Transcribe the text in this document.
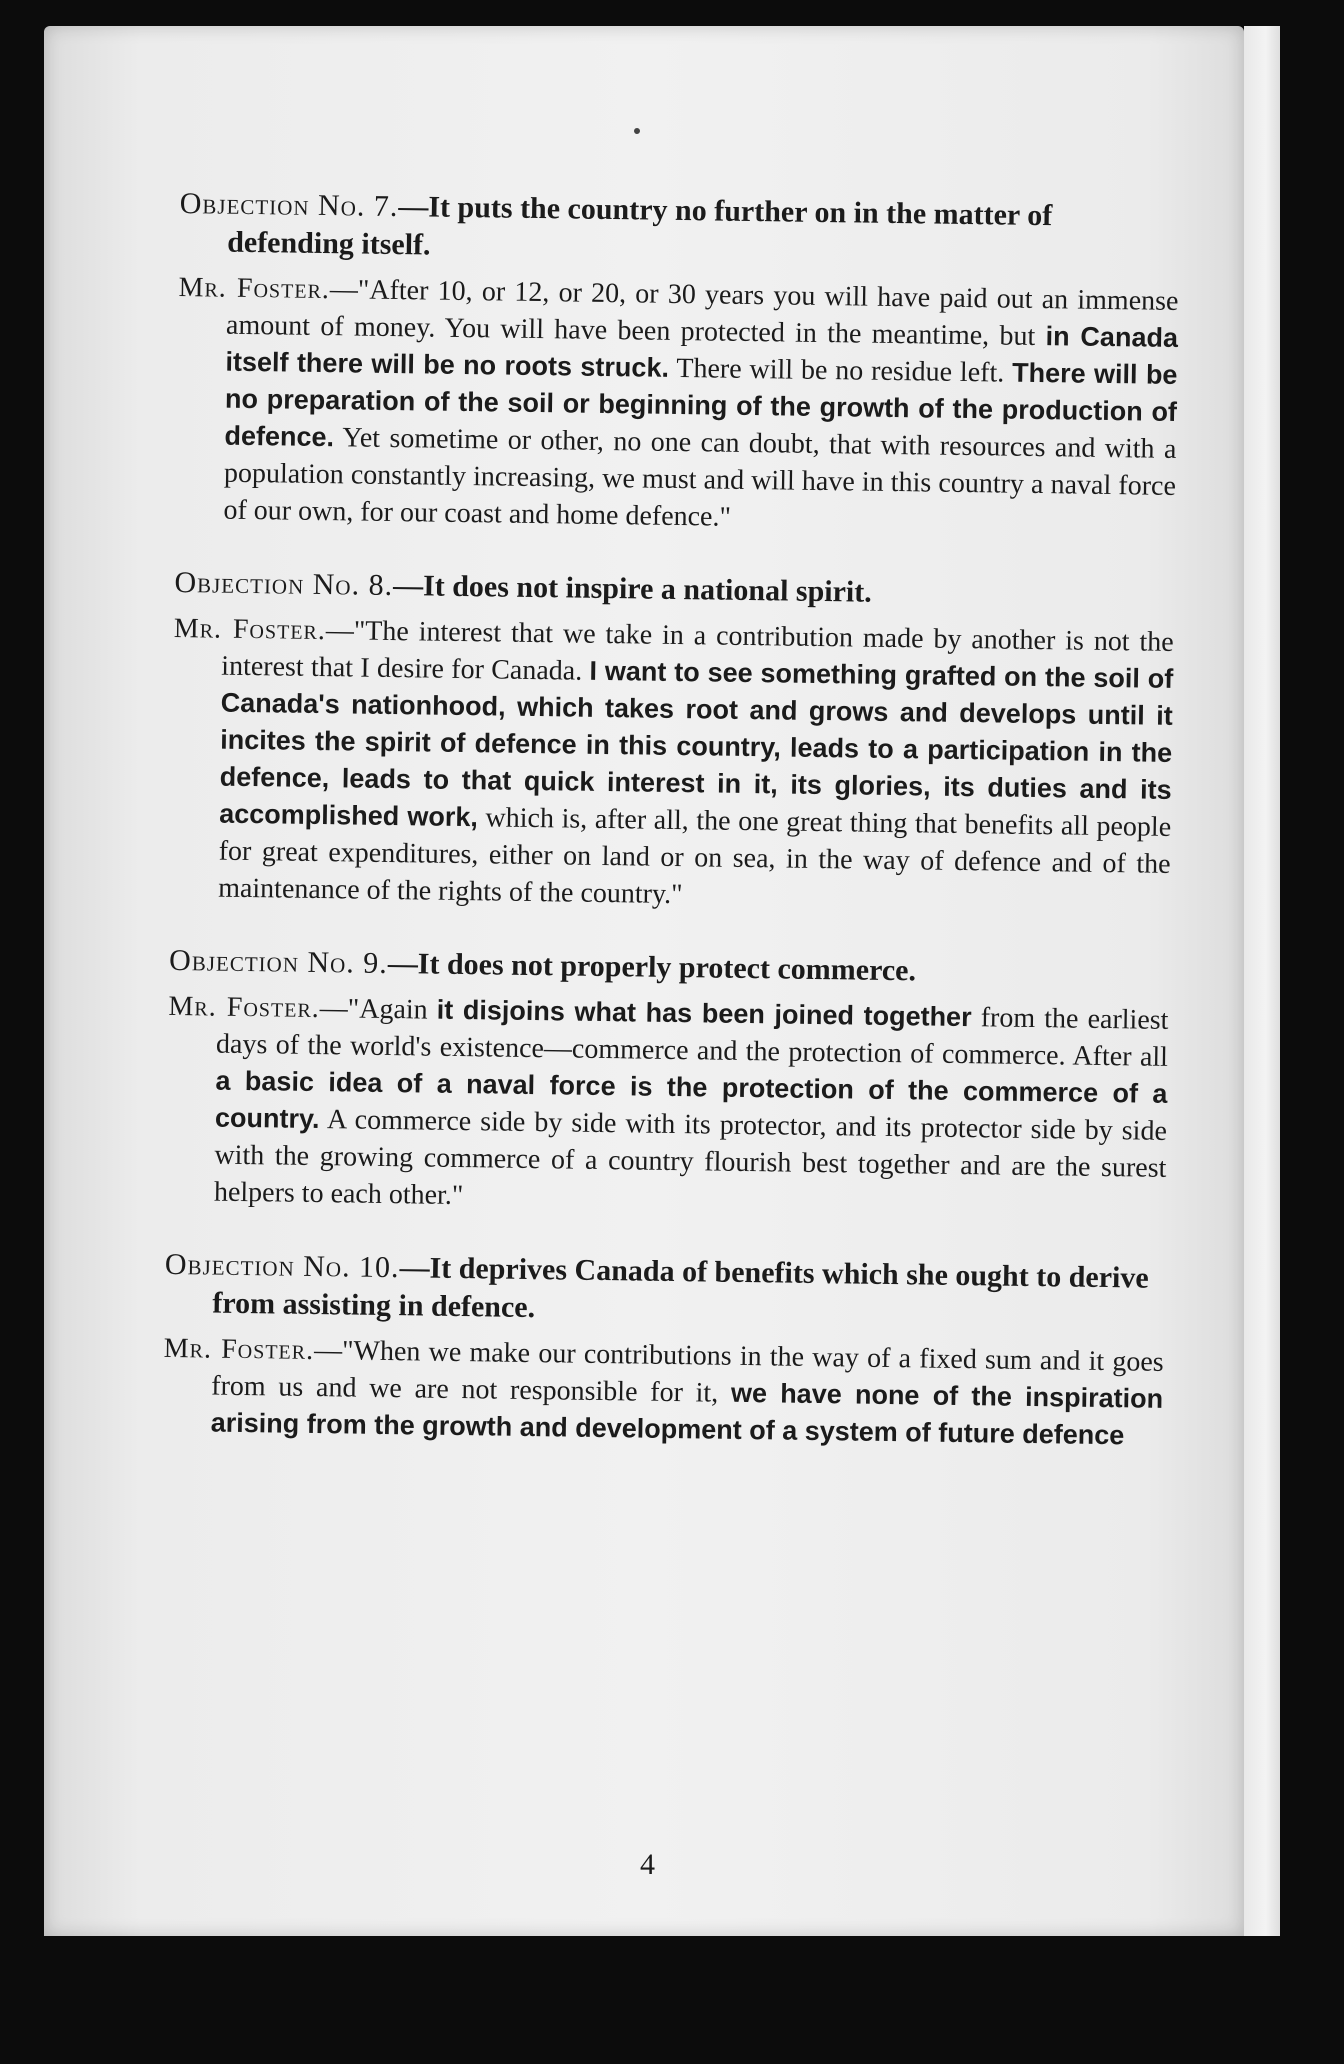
Objection No. 7.—It puts the country no further on in the matter of defending itself.

Mr. Foster.—"After 10, or 12, or 20, or 30 years you will have paid out an immense amount of money. You will have been protected in the meantime, but in Canada itself there will be no roots struck. There will be no residue left. There will be no preparation of the soil or beginning of the growth of the production of defence. Yet sometime or other, no one can doubt, that with resources and with a population constantly increasing, we must and will have in this country a naval force of our own, for our coast and home defence."

Objection No. 8.—It does not inspire a national spirit.

Mr. Foster.—"The interest that we take in a contribution made by another is not the interest that I desire for Canada. I want to see something grafted on the soil of Canada's nationhood, which takes root and grows and develops until it incites the spirit of defence in this country, leads to a participation in the defence, leads to that quick interest in it, its glories, its duties and its accomplished work, which is, after all, the one great thing that benefits all people for great expenditures, either on land or on sea, in the way of defence and of the maintenance of the rights of the country."

Objection No. 9.—It does not properly protect commerce.

Mr. Foster.—"Again it disjoins what has been joined together from the earliest days of the world's existence—commerce and the protection of commerce. After all a basic idea of a naval force is the protection of the commerce of a country. A commerce side by side with its protector, and its protector side by side with the growing commerce of a country flourish best together and are the surest helpers to each other."

Objection No. 10.—It deprives Canada of benefits which she ought to derive from assisting in defence.

Mr. Foster.—"When we make our contributions in the way of a fixed sum and it goes from us and we are not responsible for it, we have none of the inspiration arising from the growth and development of a system of future defence

4
